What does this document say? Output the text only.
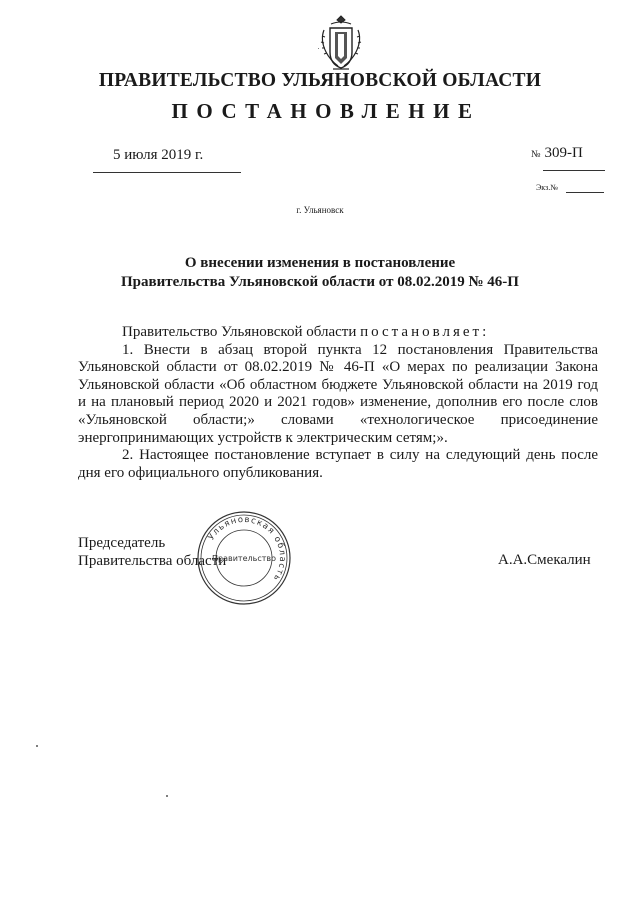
ПРАВИТЕЛЬСТВО УЛЬЯНОВСКОЙ ОБЛАСТИ
ПОСТАНОВЛЕНИЕ
5 июля 2019 г.	№ 309-П
Экз.№
г. Ульяновск
О внесении изменения в постановление
Правительства Ульяновской области от 08.02.2019 № 46-П

Правительство Ульяновской области постановляет:

1. Внести в абзац второй пункта 12 постановления Правительства Ульяновской области от 08.02.2019 № 46-П «О мерах по реализации Закона Ульяновской области «Об областном бюджете Ульяновской области на 2019 год и на плановый период 2020 и 2021 годов» изменение, дополнив его после слов «Ульяновской области;» словами «технологическое присоединение энергопринимающих устройств к электрическим сетям;».

2. Настоящее постановление вступает в силу на следующий день после дня его официального опубликования.

Председатель
Правительства области
Ульяновская область
Правительство	А.А.Смекалин
